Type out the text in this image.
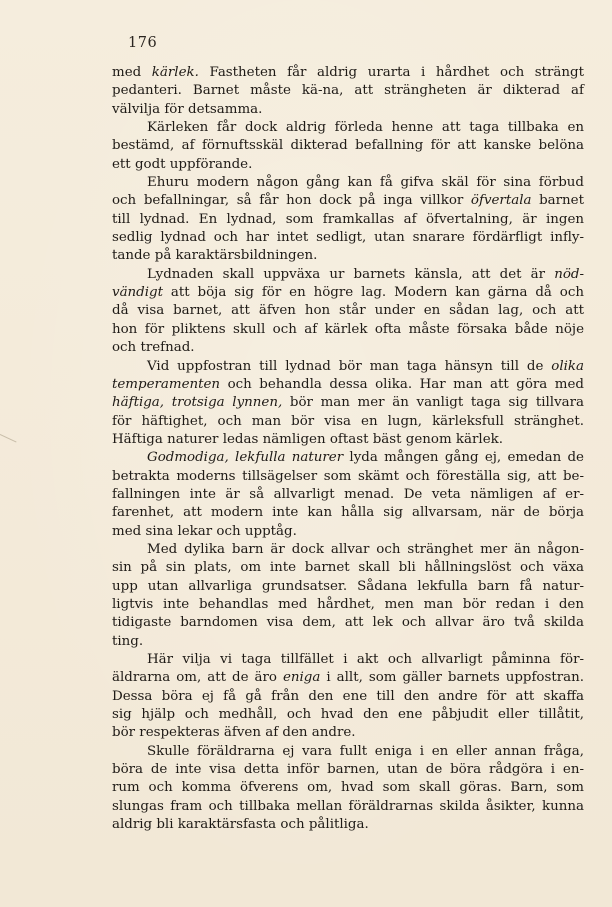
176

med kärlek. Fastheten får aldrig urarta i hårdhet och strängt

pedanteri. Barnet måste kä‑na, att strängheten är dikterad af

välvilja för detsamma.

Kärleken får dock aldrig förleda henne att taga tillbaka en

bestämd, af förnuftsskäl dikterad befallning för att kanske belöna

ett godt uppförande.

Ehuru modern någon gång kan få gifva skäl för sina förbud

och befallningar, så får hon dock på inga villkor öfvertala barnet

till lydnad. En lydnad, som framkallas af öfvertalning, är ingen

sedlig lydnad och har intet sedligt, utan snarare fördärfligt infly-

tande på karaktärsbildningen.

Lydnaden skall uppväxa ur barnets känsla, att det är nöd-

vändigt att böja sig för en högre lag. Modern kan gärna då och

då visa barnet, att äfven hon står under en sådan lag, och att

hon för pliktens skull och af kärlek ofta måste försaka både nöje

och trefnad.

Vid uppfostran till lydnad bör man taga hänsyn till de olika

temperamenten och behandla dessa olika. Har man att göra med

häftiga, trotsiga lynnen, bör man mer än vanligt taga sig tillvara

för häftighet, och man bör visa en lugn, kärleksfull stränghet.

Häftiga naturer ledas nämligen oftast bäst genom kärlek.

Godmodiga, lekfulla naturer lyda mången gång ej, emedan de

betrakta moderns tillsägelser som skämt och föreställa sig, att be-

fallningen inte är så allvarligt menad. De veta nämligen af er-

farenhet, att modern inte kan hålla sig allvarsam, när de börja

med sina lekar och upptåg.

Med dylika barn är dock allvar och stränghet mer än någon-

sin på sin plats, om inte barnet skall bli hållningslöst och växa

upp utan allvarliga grundsatser. Sådana lekfulla barn få natur-

ligtvis inte behandlas med hårdhet, men man bör redan i den

tidigaste barndomen visa dem, att lek och allvar äro två skilda

ting.

Här vilja vi taga tillfället i akt och allvarligt påminna för-

äldrarna om, att de äro eniga i allt, som gäller barnets uppfostran.

Dessa böra ej få gå från den ene till den andre för att skaffa

sig hjälp och medhåll, och hvad den ene påbjudit eller tillåtit,

bör respekteras äfven af den andre.

Skulle föräldrarna ej vara fullt eniga i en eller annan fråga,

böra de inte visa detta inför barnen, utan de böra rådgöra i en-

rum och komma öfverens om, hvad som skall göras. Barn, som

slungas fram och tillbaka mellan föräldrarnas skilda åsikter, kunna

aldrig bli karaktärsfasta och pålitliga.
